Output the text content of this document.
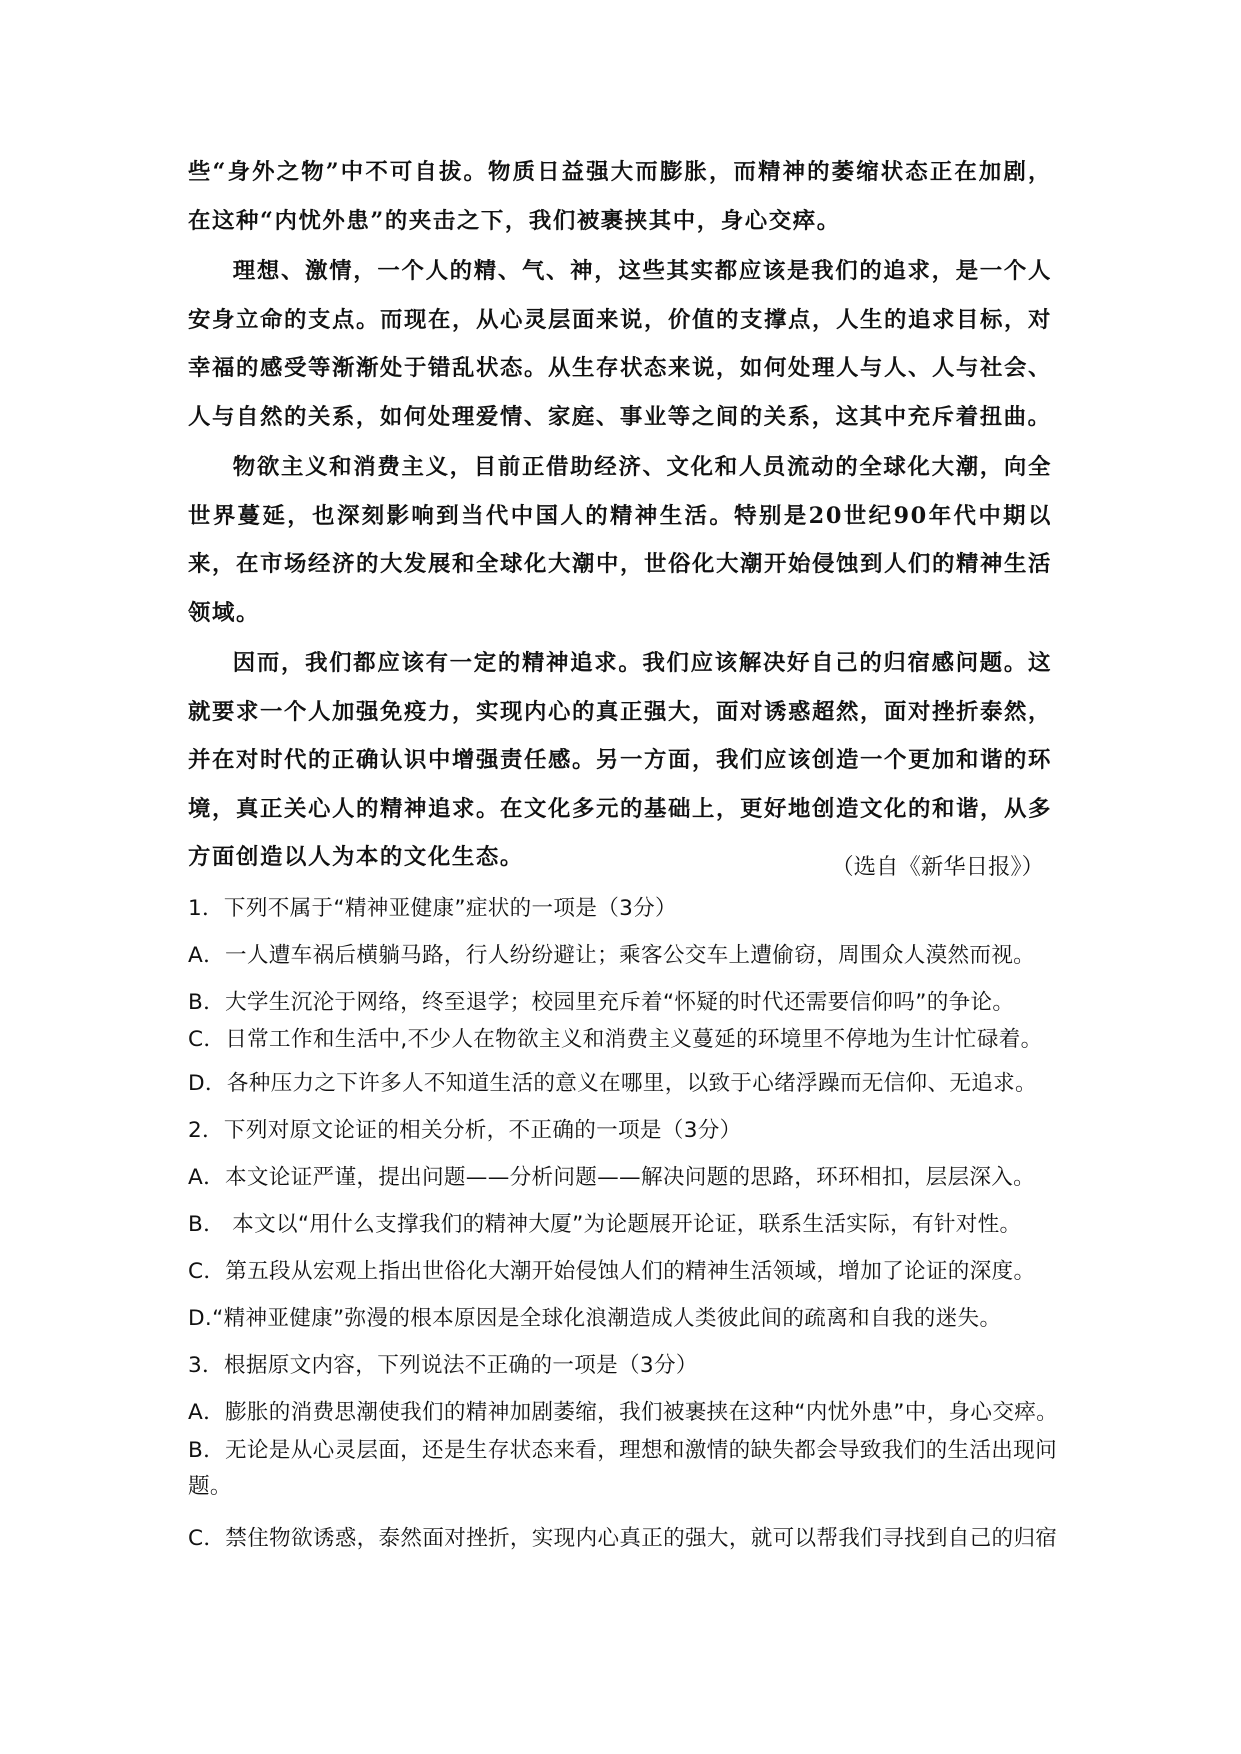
些“身外之物”中不可自拔。物质日益强大而膨胀，而精神的萎缩状态正在加剧，在这种“内忧外患”的夹击之下，我们被裹挟其中，身心交瘁。

理想、激情，一个人的精、气、神，这些其实都应该是我们的追求，是一个人安身立命的支点。而现在，从心灵层面来说，价值的支撑点，人生的追求目标，对幸福的感受等渐渐处于错乱状态。从生存状态来说，如何处理人与人、人与社会、人与自然的关系，如何处理爱情、家庭、事业等之间的关系，这其中充斥着扭曲。

物欲主义和消费主义，目前正借助经济、文化和人员流动的全球化大潮，向全世界蔓延，也深刻影响到当代中国人的精神生活。特别是20世纪90年代中期以来，在市场经济的大发展和全球化大潮中，世俗化大潮开始侵蚀到人们的精神生活领域。

因而，我们都应该有一定的精神追求。我们应该解决好自己的归宿感问题。这就要求一个人加强免疫力，实现内心的真正强大，面对诱惑超然，面对挫折泰然，并在对时代的正确认识中增强责任感。另一方面，我们应该创造一个更加和谐的环境，真正关心人的精神追求。在文化多元的基础上，更好地创造文化的和谐，从多方面创造以人为本的文化生态。	（选自《新华日报》）
1．下列不属于“精神亚健康”症状的一项是（3分）
A．一人遭车祸后横躺马路，行人纷纷避让；乘客公交车上遭偷窃，周围众人漠然而视。
B．大学生沉沦于网络，终至退学；校园里充斥着“怀疑的时代还需要信仰吗”的争论。
C．日常工作和生活中,不少人在物欲主义和消费主义蔓延的环境里不停地为生计忙碌着。
D．各种压力之下许多人不知道生活的意义在哪里，以致于心绪浮躁而无信仰、无追求。
2．下列对原文论证的相关分析，不正确的一项是（3分）
A．本文论证严谨，提出问题——分析问题——解决问题的思路，环环相扣，层层深入。
B． 本文以“用什么支撑我们的精神大厦”为论题展开论证，联系生活实际，有针对性。
C．第五段从宏观上指出世俗化大潮开始侵蚀人们的精神生活领域，增加了论证的深度。
D.“精神亚健康”弥漫的根本原因是全球化浪潮造成人类彼此间的疏离和自我的迷失。
3．根据原文内容，下列说法不正确的一项是（3分）
A．膨胀的消费思潮使我们的精神加剧萎缩，我们被裹挟在这种“内忧外患”中，身心交瘁。
B．无论是从心灵层面，还是生存状态来看，理想和激情的缺失都会导致我们的生活出现问题。
C．禁住物欲诱惑，泰然面对挫折，实现内心真正的强大，就可以帮我们寻找到自己的归宿
